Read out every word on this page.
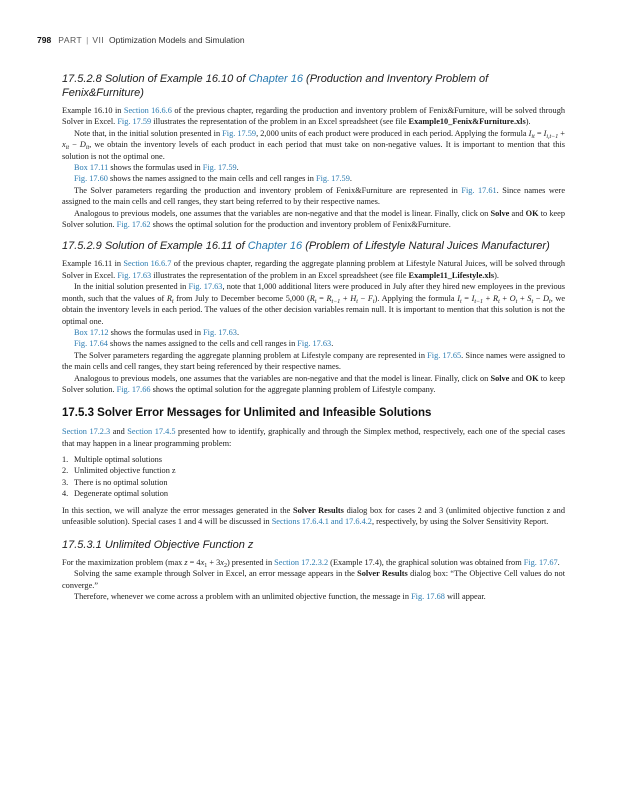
798 PART | VII Optimization Models and Simulation
17.5.2.8 Solution of Example 16.10 of Chapter 16 (Production and Inventory Problem of Fenix&Furniture)

Example 16.10 in Section 16.6.6 of the previous chapter, regarding the production and inventory problem of Fenix&Furniture, will be solved through Solver in Excel. Fig. 17.59 illustrates the representation of the problem in an Excel spreadsheet (see file Example10_Fenix&Furniture.xls).

Note that, in the initial solution presented in Fig. 17.59, 2,000 units of each product were produced in each period. Applying the formula $I_{it} = I_{i,t-1} + x_{it} - D_{it}$, we obtain the inventory levels of each product in each period that must take on non-negative values. It is important to mention that this solution is not the optimal one.

Box 17.11 shows the formulas used in Fig. 17.59.

Fig. 17.60 shows the names assigned to the main cells and cell ranges in Fig. 17.59.

The Solver parameters regarding the production and inventory problem of Fenix&Furniture are represented in Fig. 17.61. Since names were assigned to the main cells and cell ranges, they start being referred to by their respective names.

Analogous to previous models, one assumes that the variables are non-negative and that the model is linear. Finally, click on Solve and OK to keep Solver solution. Fig. 17.62 shows the optimal solution for the production and inventory problem of Fenix&Furniture.

17.5.2.9 Solution of Example 16.11 of Chapter 16 (Problem of Lifestyle Natural Juices Manufacturer)

Example 16.11 in Section 16.6.7 of the previous chapter, regarding the aggregate planning problem at Lifestyle Natural Juices, will be solved through Solver in Excel. Fig. 17.63 illustrates the representation of the problem in an Excel spreadsheet (see file Example11_Lifestyle.xls).

In the initial solution presented in Fig. 17.63, note that 1,000 additional liters were produced in July after they hired new employees in the previous month, such that the values of $R_t$ from July to December become 5,000 $(R_t = R_{t-1} + H_t - F_t)$. Applying the formula $I_t = I_{t-1} + R_t + O_t + S_t - D_t$, we obtain the inventory levels in each period. The values of the other decision variables remain null. It is important to mention that this solution is not the optimal one.

Box 17.12 shows the formulas used in Fig. 17.63.

Fig. 17.64 shows the names assigned to the cells and cell ranges in Fig. 17.63.

The Solver parameters regarding the aggregate planning problem at Lifestyle company are represented in Fig. 17.65. Since names were assigned to the main cells and cell ranges, they start being referenced by their respective names.

Analogous to previous models, one assumes that the variables are non-negative and that the model is linear. Finally, click on Solve and OK to keep Solver solution. Fig. 17.66 shows the optimal solution for the aggregate planning problem of Lifestyle company.

17.5.3 Solver Error Messages for Unlimited and Infeasible Solutions

Section 17.2.3 and Section 17.4.5 presented how to identify, graphically and through the Simplex method, respectively, each one of the special cases that may happen in a linear programming problem:

1. Multiple optimal solutions
2. Unlimited objective function z
3. There is no optimal solution
4. Degenerate optimal solution

In this section, we will analyze the error messages generated in the Solver Results dialog box for cases 2 and 3 (unlimited objective function z and unfeasible solution). Special cases 1 and 4 will be discussed in Sections 17.6.4.1 and 17.6.4.2, respectively, by using the Solver Sensitivity Report.

17.5.3.1 Unlimited Objective Function z

For the maximization problem (max $z = 4x_1 + 3x_2$) presented in Section 17.2.3.2 (Example 17.4), the graphical solution was obtained from Fig. 17.67.

Solving the same example through Solver in Excel, an error message appears in the Solver Results dialog box: “The Objective Cell values do not converge.”

Therefore, whenever we come across a problem with an unlimited objective function, the message in Fig. 17.68 will appear.
